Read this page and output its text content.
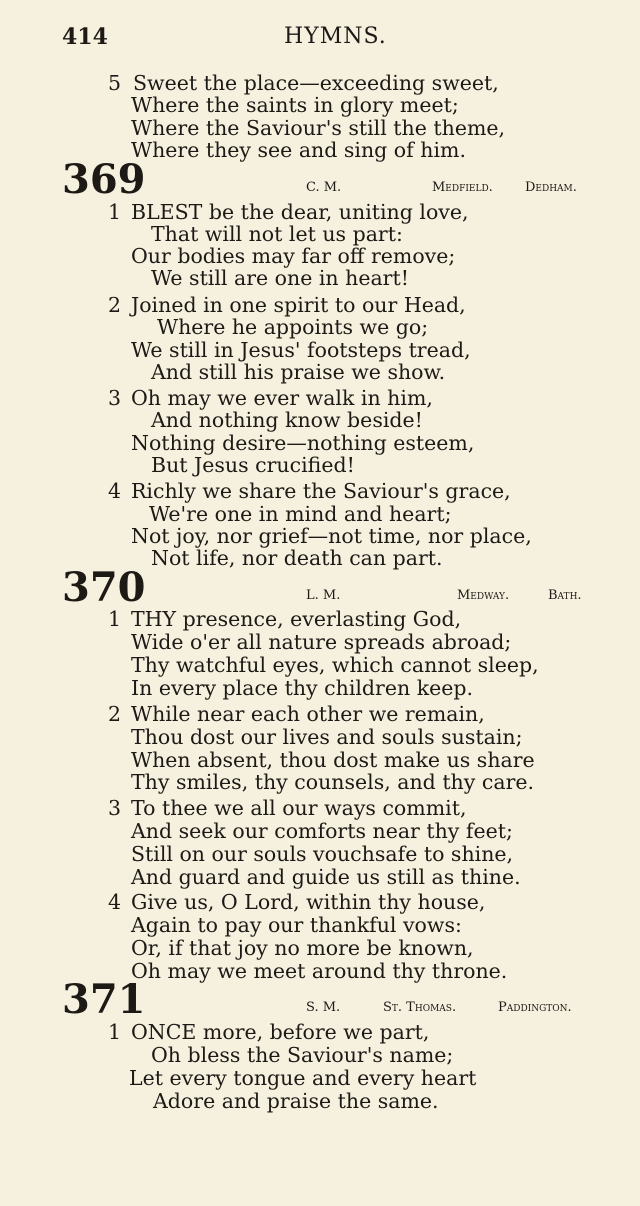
414	HYMNS.
5 Sweet the place—exceeding sweet,
Where the saints in glory meet;
Where the Saviour's still the theme,
Where they see and sing of him.
369	C. M.	Medfield. Dedham.
1 BLEST be the dear, uniting love,
That will not let us part:
Our bodies may far off remove;
We still are one in heart!
2 Joined in one spirit to our Head,
Where he appoints we go;
We still in Jesus' footsteps tread,
And still his praise we show.
3 Oh may we ever walk in him,
And nothing know beside!
Nothing desire—nothing esteem,
But Jesus crucified!
4 Richly we share the Saviour's grace,
We're one in mind and heart;
Not joy, nor grief—not time, nor place,
Not life, nor death can part.
370	L. M.	Medway.	Bath.
1 THY presence, everlasting God,
Wide o'er all nature spreads abroad;
Thy watchful eyes, which cannot sleep,
In every place thy children keep.
2 While near each other we remain,
Thou dost our lives and souls sustain;
When absent, thou dost make us share
Thy smiles, thy counsels, and thy care.
3 To thee we all our ways commit,
And seek our comforts near thy feet;
Still on our souls vouchsafe to shine,
And guard and guide us still as thine.
4 Give us, O Lord, within thy house,
Again to pay our thankful vows:
Or, if that joy no more be known,
Oh may we meet around thy throne.
371	S. M.	St. Thomas.	Paddington.
1 ONCE more, before we part,
Oh bless the Saviour's name;
Let every tongue and every heart
Adore and praise the same.
